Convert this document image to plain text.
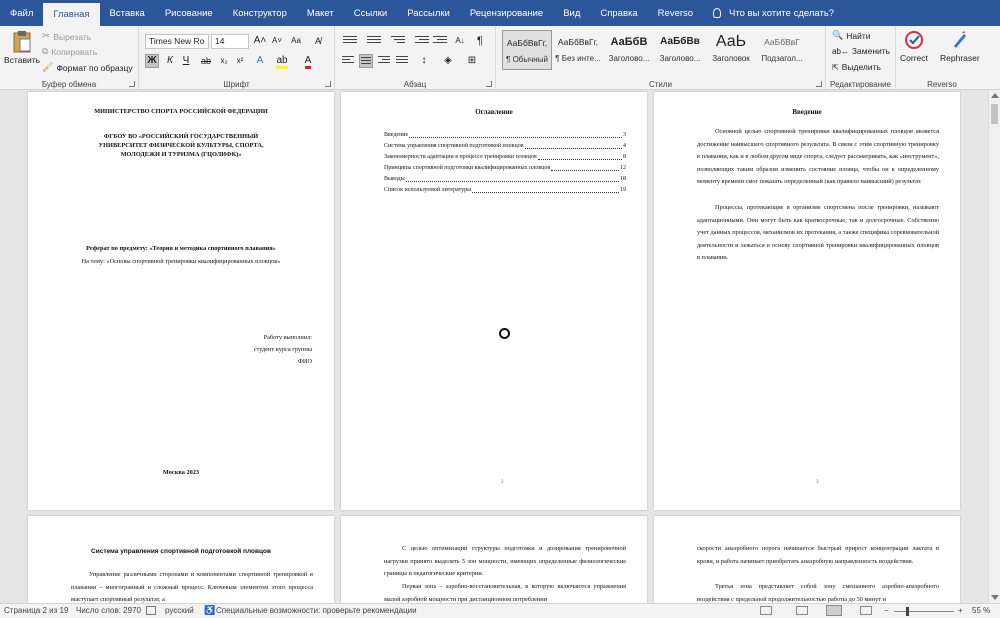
Файл	Главная	Вставка	Рисование	Конструктор	Макет	Ссылки	Рассылки	Рецензирование	Вид	Справка	Reverso	Что вы хотите сделать?
Вставить
✂ Вырезать
⧉ Копировать
🖌 Формат по образцу
Буфер обмена
Times New Ro	14	A˄ A˅ Аа	A̸
Ж	К Ч	ab	x₂	x²	A	ab	A
Шрифт
A↓	¶
↕	◈	⊞
Абзац
АаБбВвГг,
¶ Обычный
АаБбВвГг,
¶ Без инте...
АаБбВ
Заголово...
АаБбВв
Заголово...
АаЬ
Заголовок
АаБбВвГ
Подзагол...
Стили
🔍 Найти
ab↔ Заменить
⇱ Выделить
Редактирование
Correct Rephraser
Reverso
МИНИСТЕРСТВО СПОРТА РОССИЙСКОЙ ФЕДЕРАЦИИ
ФГБОУ ВО «РОССИЙСКИЙ ГОСУДАРСТВЕННЫЙ УНИВЕРСИТЕТ ФИЗИЧЕСКОЙ КУЛЬТУРЫ, СПОРТА, МОЛОДЕЖИ И ТУРИЗМА (ГЦОЛИФК)»
Реферат по предмету: «Теория и методика спортивного плавания»
На тему: «Основы спортивной тренировки квалифицированных пловцов»
Работу выполнил:
студент курса группы
ФИО
Москва 2023
Оглавление
Введение	3
Система управления спортивной подготовкой пловцов	4
Закономерности адаптации в процессе тренировки пловцов	8
Принципы спортивной подготовки квалифицированных пловцов	12
Выводы	18
Список используемой литературы	19
2
Введение
Основной целью спортивной тренировки квалифицированных пловцов является достижение наивысшего спортивного результата. В связи с этим спортивную тренировку в плавании, как и в любом другом виде спорта, следует рассматривать, как «инструмент», позволяющих таким образом изменить состояние пловца, чтобы он к определенному моменту времени смог показать определенный (как правило наивысший) результат.
Процессы, протекающие в организме спортсмена после тренировки, называют адаптационными. Они могут быть как краткосрочные, так и долгосрочные. Собственно учет данных процессов, механизмов их протекания, а также специфика соревновательной деятельности и лежаться в основу спортивной тренировки квалифицированных пловцов в плавании.
3
Система управления спортивной подготовкой пловцов
Управление различными сторонами и компонентами спортивной тренировкой в плавании – многогранный и сложный процесс. Ключевым элементом этого процесса выступает спортивный результат, а
С целью оптимизации структуры подготовки и дозирования тренировочной нагрузки принято выделять 5 зон мощности, имеющих определенные физиологические границы и педагогические критерии.
Первая зона – аэробно-восстановительная, в которую включаются упражнения малой аэробной мощности при дистанционном потреблении
скорости анаэробного порога начинается быстрый прирост концентрации лактата в крови, и работа начинает приобретать анаэробную направленность воздействия.
Третья зона представляет собой зону смешанного аэробно-анаэробного воздействия с предельной продолжительностью работы до 30 минут и
Страница 2 из 19 Число слов: 2970	русский ♿ Специальные возможности: проверьте рекомендации	−	+ 55 %
